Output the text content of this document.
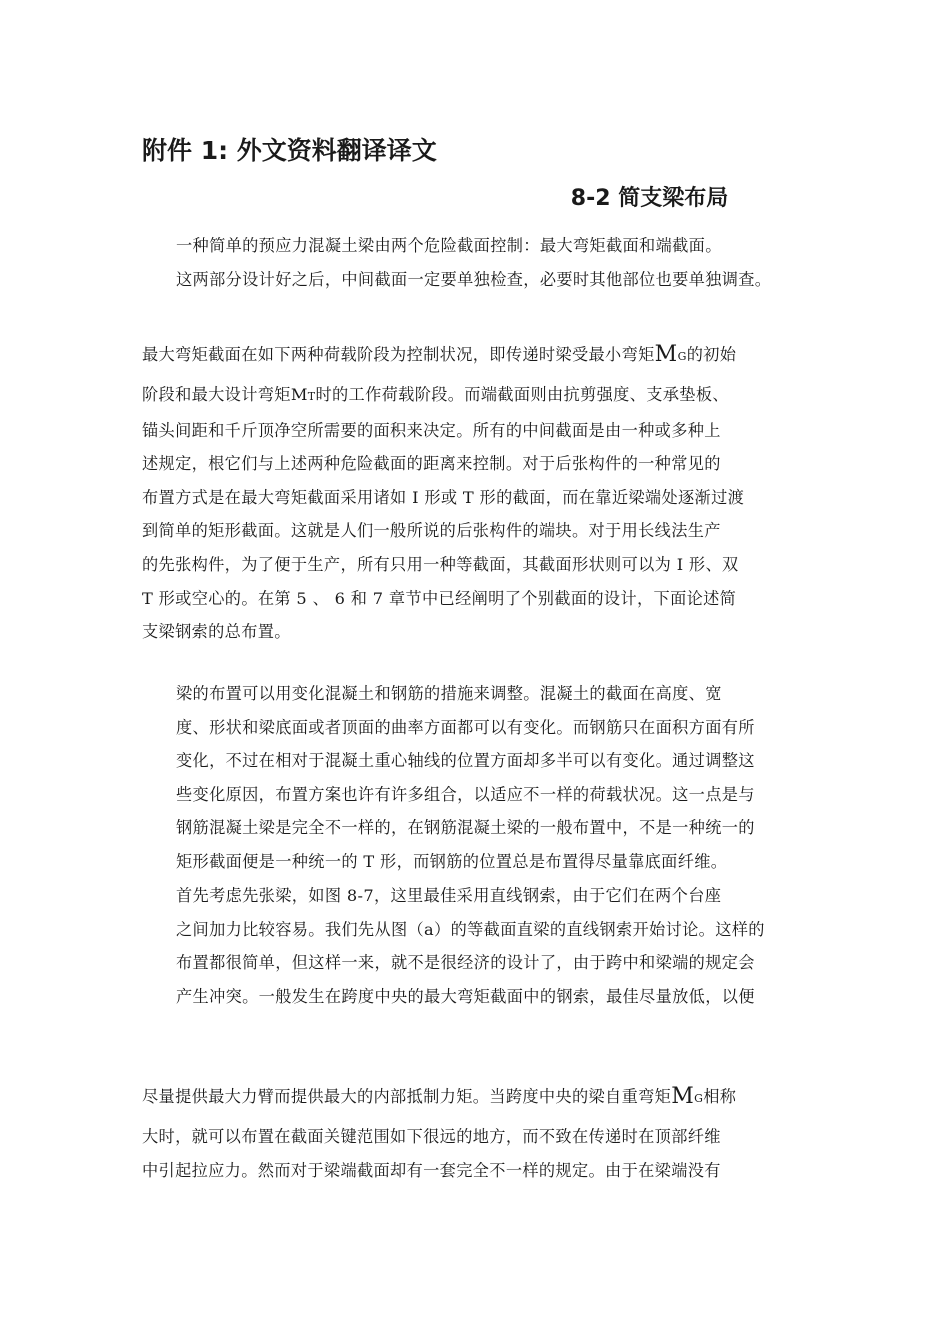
附件 1: 外文资料翻译译文
8-2 简支梁布局

一种简单的预应力混凝土梁由两个危险截面控制：最大弯矩截面和端截面。
这两部分设计好之后，中间截面一定要单独检查，必要时其他部位也要单独调查。

最大弯矩截面在如下两种荷载阶段为控制状况，即传递时梁受最小弯矩MG的初始
阶段和最大设计弯矩MT时的工作荷载阶段。而端截面则由抗剪强度、支承垫板、
锚头间距和千斤顶净空所需要的面积来决定。所有的中间截面是由一种或多种上
述规定，根它们与上述两种危险截面的距离来控制。对于后张构件的一种常见的
布置方式是在最大弯矩截面采用诸如 I 形或 T 形的截面，而在靠近梁端处逐渐过渡
到简单的矩形截面。这就是人们一般所说的后张构件的端块。对于用长线法生产
的先张构件，为了便于生产，所有只用一种等截面，其截面形状则可以为 I 形、双
T 形或空心的。在第 5 、 6 和 7 章节中已经阐明了个别截面的设计，下面论述简
支梁钢索的总布置。

梁的布置可以用变化混凝土和钢筋的措施来调整。混凝土的截面在高度、宽
度、形状和梁底面或者顶面的曲率方面都可以有变化。而钢筋只在面积方面有所
变化，不过在相对于混凝土重心轴线的位置方面却多半可以有变化。通过调整这
些变化原因，布置方案也许有许多组合，以适应不一样的荷载状况。这一点是与
钢筋混凝土梁是完全不一样的，在钢筋混凝土梁的一般布置中，不是一种统一的
矩形截面便是一种统一的 T 形，而钢筋的位置总是布置得尽量靠底面纤维。

首先考虑先张梁，如图 8-7，这里最佳采用直线钢索，由于它们在两个台座
之间加力比较容易。我们先从图（a）的等截面直梁的直线钢索开始讨论。这样的
布置都很简单，但这样一来，就不是很经济的设计了，由于跨中和梁端的规定会
产生冲突。一般发生在跨度中央的最大弯矩截面中的钢索，最佳尽量放低，以便

尽量提供最大力臂而提供最大的内部抵制力矩。当跨度中央的梁自重弯矩MG相称
大时，就可以布置在截面关键范围如下很远的地方，而不致在传递时在顶部纤维
中引起拉应力。然而对于梁端截面却有一套完全不一样的规定。由于在梁端没有
